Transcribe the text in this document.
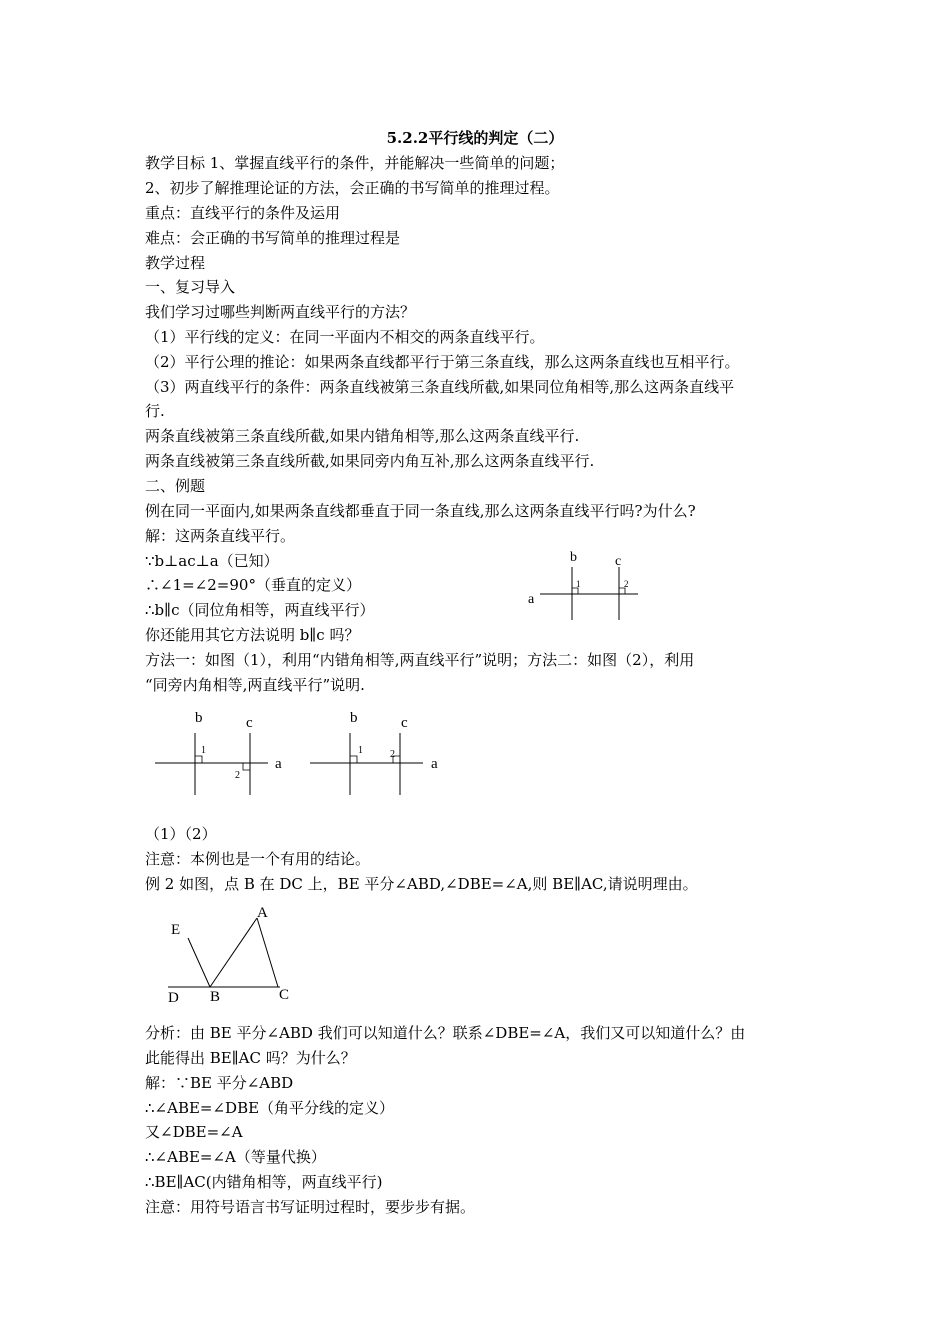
5.2.2平行线的判定（二）

教学目标 1、掌握直线平行的条件，并能解决一些简单的问题；

2、初步了解推理论证的方法，会正确的书写简单的推理过程。

重点：直线平行的条件及运用

难点：会正确的书写简单的推理过程是

教学过程

一、复习导入

我们学习过哪些判断两直线平行的方法？

（1）平行线的定义：在同一平面内不相交的两条直线平行。

（2）平行公理的推论：如果两条直线都平行于第三条直线，那么这两条直线也互相平行。

（3）两直线平行的条件：两条直线被第三条直线所截,如果同位角相等,那么这两条直线平

行.

两条直线被第三条直线所截,如果内错角相等,那么这两条直线平行.

两条直线被第三条直线所截,如果同旁内角互补,那么这两条直线平行.

二、例题

例在同一平面内,如果两条直线都垂直于同一条直线,那么这两条直线平行吗?为什么?

解：这两条直线平行。

∵b⊥ac⊥a（已知）

∴∠1=∠2=90°（垂直的定义）

∴b∥c（同位角相等，两直线平行）

你还能用其它方法说明 b∥c 吗？

方法一：如图（1），利用“内错角相等,两直线平行”说明；方法二：如图（2），利用

“同旁内角相等,两直线平行”说明.

（1）（2）

注意：本例也是一个有用的结论。

例 2 如图，点 B 在 DC 上，BE 平分∠ABD,∠DBE=∠A,则 BE∥AC,请说明理由。

分析：由 BE 平分∠ABD 我们可以知道什么？联系∠DBE=∠A，我们又可以知道什么？由

此能得出 BE∥AC 吗？为什么？

解：∵BE 平分∠ABD

∴∠ABE=∠DBE（角平分线的定义）

又∠DBE=∠A

∴∠ABE=∠A（等量代换）

∴BE∥AC(内错角相等，两直线平行)

注意：用符号语言书写证明过程时，要步步有据。

b	c
a
1	2
b	c
a
1
2
b	c
a
1	2
E
A
D B	C
